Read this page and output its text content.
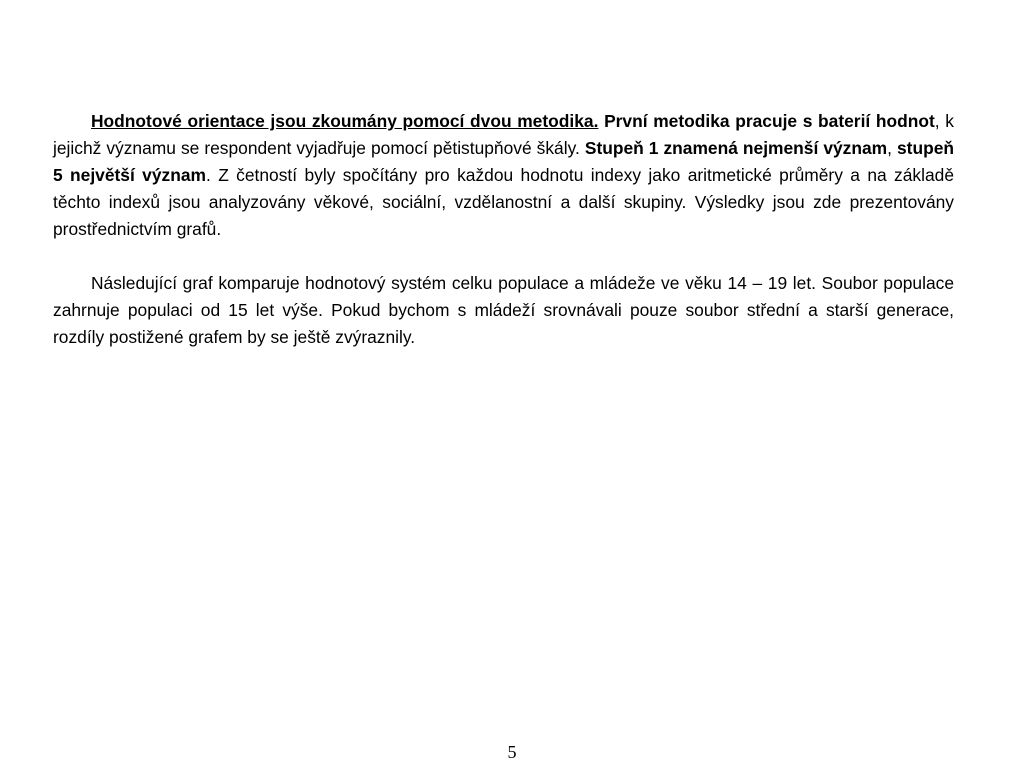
Hodnotové orientace jsou zkoumány pomocí dvou metodika. První metodika pracuje s baterií hodnot, k jejichž významu se respondent vyjadřuje pomocí pětistupňové škály. Stupeň 1 znamená nejmenší význam, stupeň 5 největší význam. Z četností byly spočítány pro každou hodnotu indexy jako aritmetické průměry a na základě těchto indexů jsou analyzovány věkové, sociální, vzdělanostní a další skupiny. Výsledky jsou zde prezentovány prostřednictvím grafů.

Následující graf komparuje hodnotový systém celku populace a mládeže ve věku 14 – 19 let. Soubor populace zahrnuje populaci od 15 let výše. Pokud bychom s mládeží srovnávali pouze soubor střední a starší generace, rozdíly postižené grafem by se ještě zvýraznily.

5
